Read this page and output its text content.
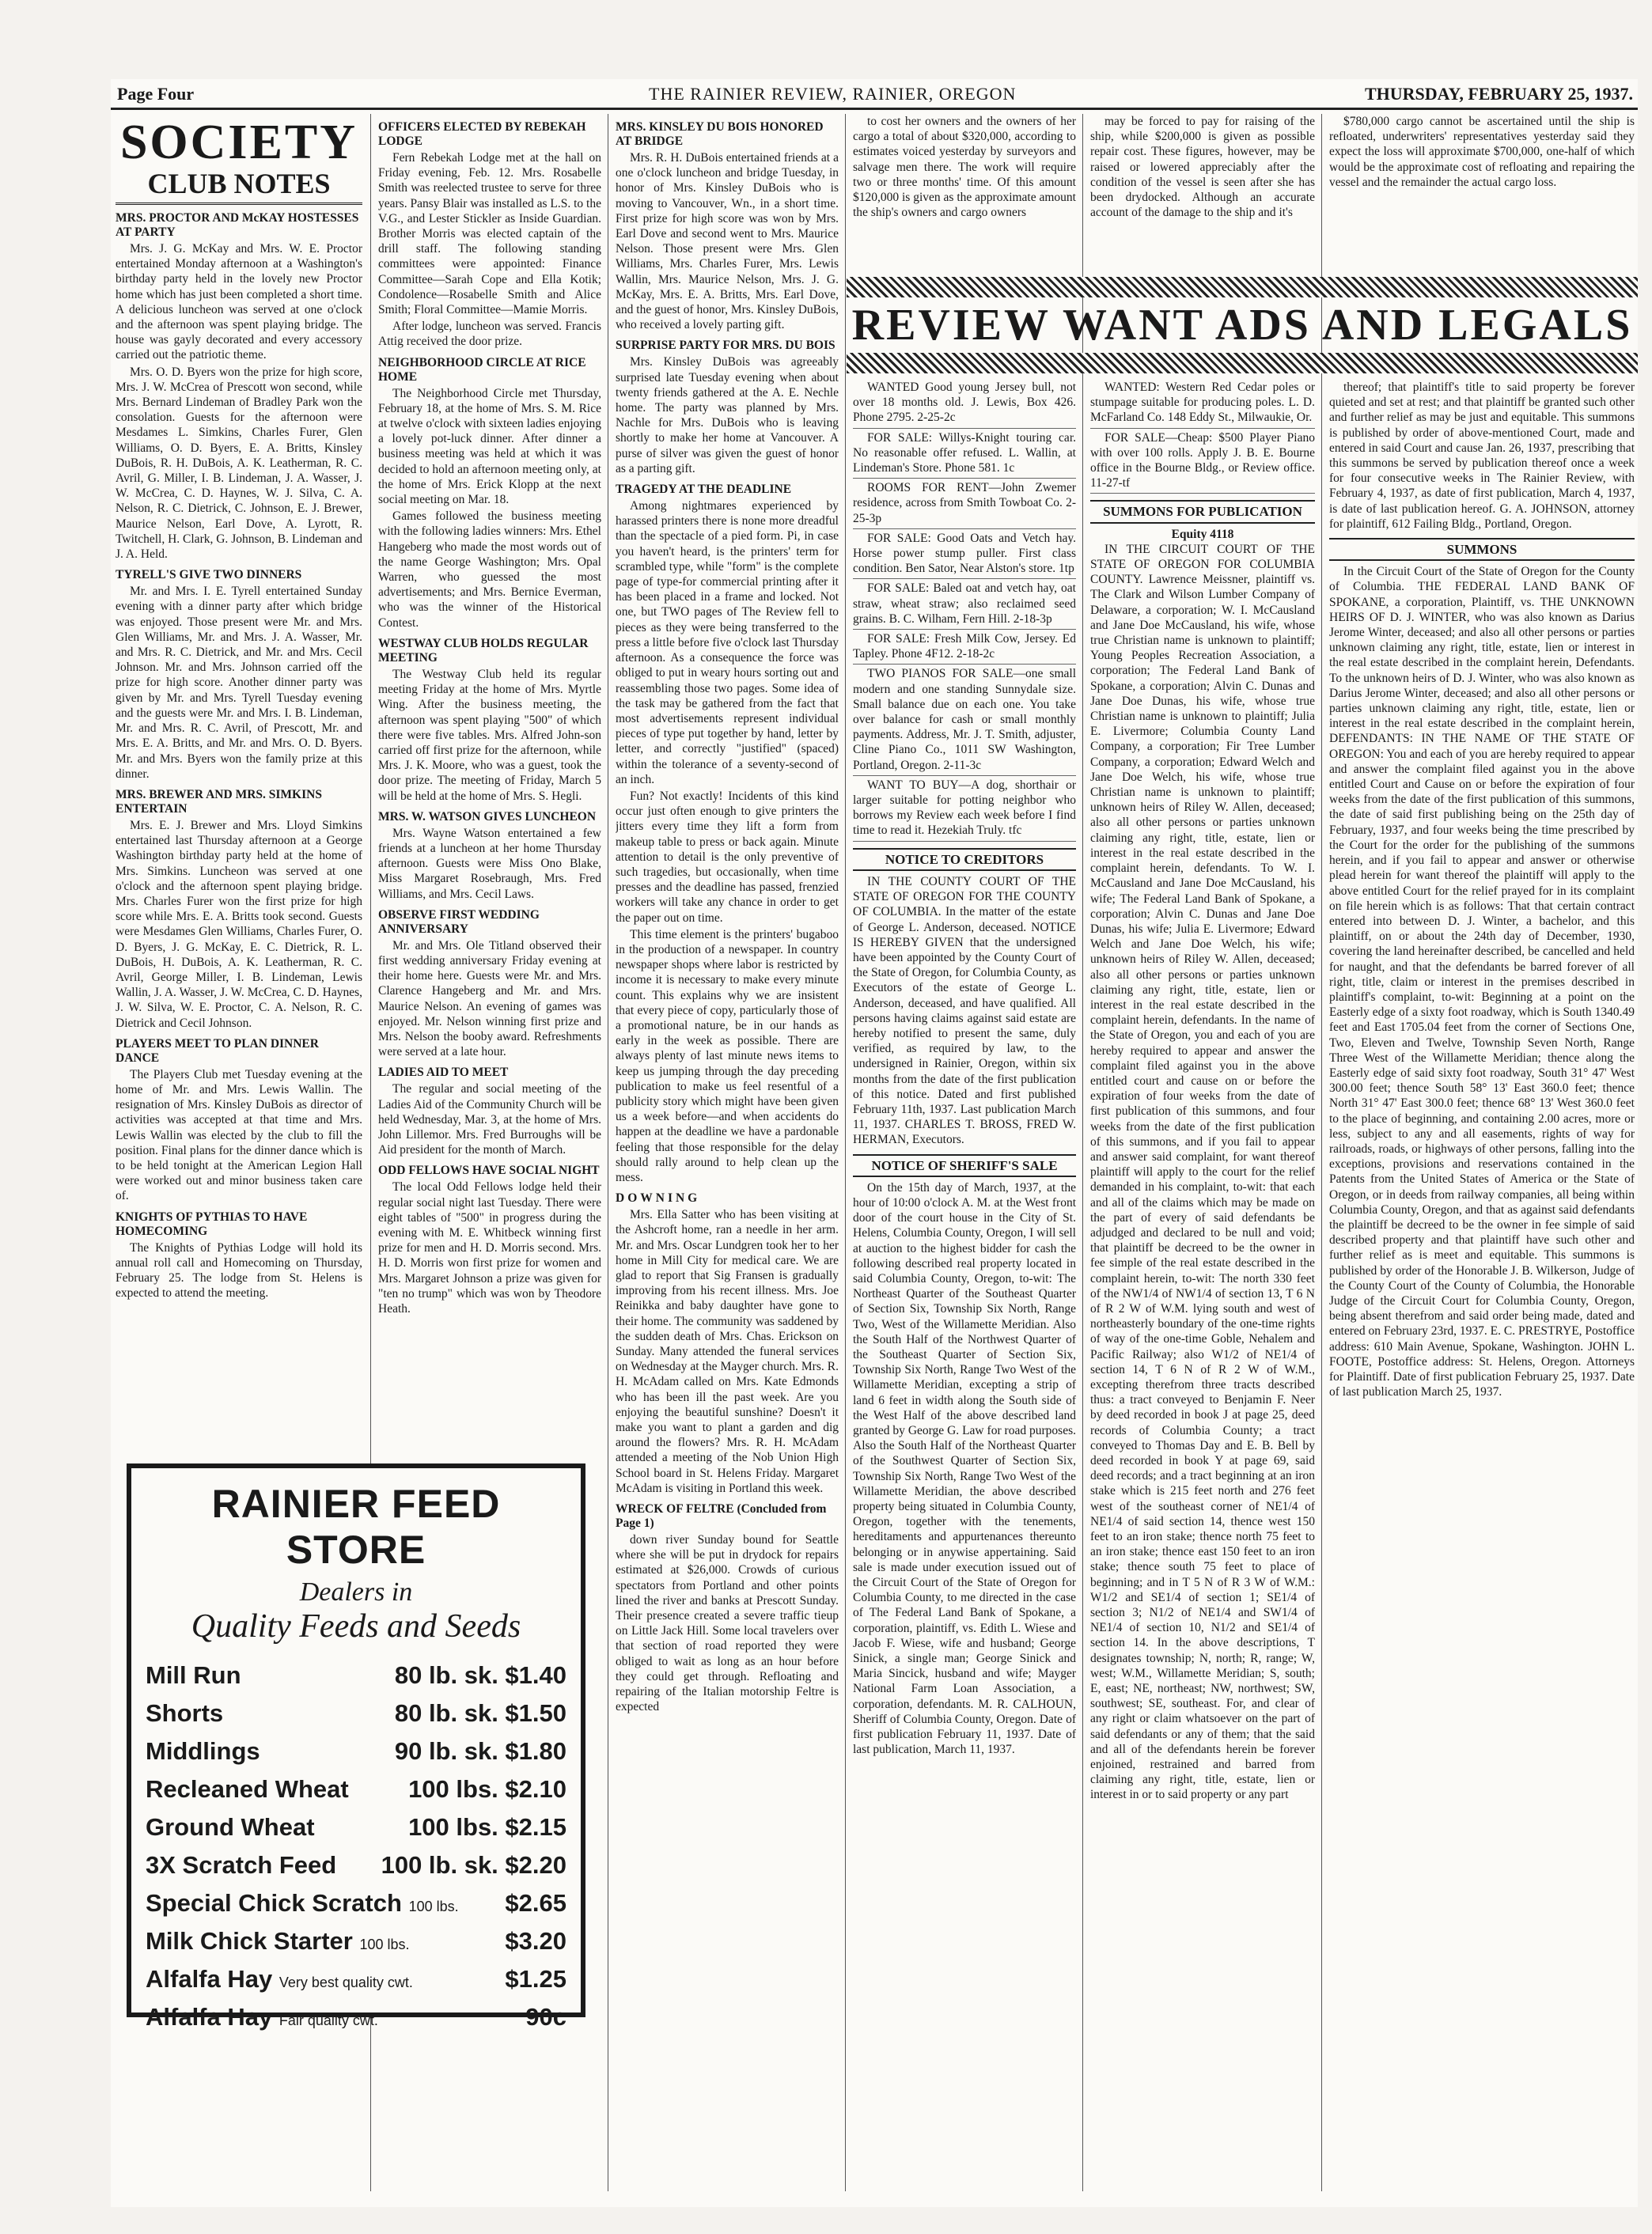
Page Four	THE RAINIER REVIEW, RAINIER, OREGON	THURSDAY, FEBRUARY 25, 1937.
SOCIETY
CLUB NOTES
MRS. PROCTOR AND McKAY HOSTESSES AT PARTY

Mrs. J. G. McKay and Mrs. W. E. Proctor entertained Monday afternoon at a Washington's birthday party held in the lovely new Proctor home which has just been completed a short time. A delicious luncheon was served at one o'clock and the afternoon was spent playing bridge. The house was gayly decorated and every accessory carried out the patriotic theme.

Mrs. O. D. Byers won the prize for high score, Mrs. J. W. McCrea of Prescott won second, while Mrs. Bernard Lindeman of Bradley Park won the consolation. Guests for the afternoon were Mesdames L. Simkins, Charles Furer, Glen Williams, O. D. Byers, E. A. Britts, Kinsley DuBois, R. H. DuBois, A. K. Leatherman, R. C. Avril, G. Miller, I. B. Lindeman, J. A. Wasser, J. W. McCrea, C. D. Haynes, W. J. Silva, C. A. Nelson, R. C. Dietrick, C. Johnson, E. J. Brewer, Maurice Nelson, Earl Dove, A. Lyrott, R. Twitchell, H. Clark, G. Johnson, B. Lindeman and J. A. Held.

TYRELL'S GIVE TWO DINNERS

Mr. and Mrs. I. E. Tyrell entertained Sunday evening with a dinner party after which bridge was enjoyed. Those present were Mr. and Mrs. Glen Williams, Mr. and Mrs. J. A. Wasser, Mr. and Mrs. R. C. Dietrick, and Mr. and Mrs. Cecil Johnson. Mr. and Mrs. Johnson carried off the prize for high score. Another dinner party was given by Mr. and Mrs. Tyrell Tuesday evening and the guests were Mr. and Mrs. I. B. Lindeman, Mr. and Mrs. R. C. Avril, of Prescott, Mr. and Mrs. E. A. Britts, and Mr. and Mrs. O. D. Byers. Mr. and Mrs. Byers won the family prize at this dinner.

MRS. BREWER AND MRS. SIMKINS ENTERTAIN

Mrs. E. J. Brewer and Mrs. Lloyd Simkins entertained last Thursday afternoon at a George Washington birthday party held at the home of Mrs. Simkins. Luncheon was served at one o'clock and the afternoon spent playing bridge. Mrs. Charles Furer won the first prize for high score while Mrs. E. A. Britts took second. Guests were Mesdames Glen Williams, Charles Furer, O. D. Byers, J. G. McKay, E. C. Dietrick, R. L. DuBois, H. DuBois, A. K. Leatherman, R. C. Avril, George Miller, I. B. Lindeman, Lewis Wallin, J. A. Wasser, J. W. McCrea, C. D. Haynes, J. W. Silva, W. E. Proctor, C. A. Nelson, R. C. Dietrick and Cecil Johnson.

PLAYERS MEET TO PLAN DINNER DANCE

The Players Club met Tuesday evening at the home of Mr. and Mrs. Lewis Wallin. The resignation of Mrs. Kinsley DuBois as director of activities was accepted at that time and Mrs. Lewis Wallin was elected by the club to fill the position. Final plans for the dinner dance which is to be held tonight at the American Legion Hall were worked out and minor business taken care of.

KNIGHTS OF PYTHIAS TO HAVE HOMECOMING

The Knights of Pythias Lodge will hold its annual roll call and Homecoming on Thursday, February 25. The lodge from St. Helens is expected to attend the meeting.

OFFICERS ELECTED BY REBEKAH LODGE

Fern Rebekah Lodge met at the hall on Friday evening, Feb. 12. Mrs. Rosabelle Smith was reelected trustee to serve for three years. Pansy Blair was installed as L.S. to the V.G., and Lester Stickler as Inside Guardian. Brother Morris was elected captain of the drill staff. The following standing committees were appointed: Finance Committee—Sarah Cope and Ella Kotik; Condolence—Rosabelle Smith and Alice Smith; Floral Committee—Mamie Morris.

After lodge, luncheon was served. Francis Attig received the door prize.

NEIGHBORHOOD CIRCLE AT RICE HOME

The Neighborhood Circle met Thursday, February 18, at the home of Mrs. S. M. Rice at twelve o'clock with sixteen ladies enjoying a lovely pot-luck dinner. After dinner a business meeting was held at which it was decided to hold an afternoon meeting only, at the home of Mrs. Erick Klopp at the next social meeting on Mar. 18.

Games followed the business meeting with the following ladies winners: Mrs. Ethel Hangeberg who made the most words out of the name George Washington; Mrs. Opal Warren, who guessed the most advertisements; and Mrs. Bernice Everman, who was the winner of the Historical Contest.

WESTWAY CLUB HOLDS REGULAR MEETING

The Westway Club held its regular meeting Friday at the home of Mrs. Myrtle Wing. After the business meeting, the afternoon was spent playing "500" of which there were five tables. Mrs. Alfred John-son carried off first prize for the afternoon, while Mrs. J. K. Moore, who was a guest, took the door prize. The meeting of Friday, March 5 will be held at the home of Mrs. S. Hegli.

MRS. W. WATSON GIVES LUNCHEON

Mrs. Wayne Watson entertained a few friends at a luncheon at her home Thursday afternoon. Guests were Miss Ono Blake, Miss Margaret Rosebraugh, Mrs. Fred Williams, and Mrs. Cecil Laws.

OBSERVE FIRST WEDDING ANNIVERSARY

Mr. and Mrs. Ole Titland observed their first wedding anniversary Friday evening at their home here. Guests were Mr. and Mrs. Clarence Hangeberg and Mr. and Mrs. Maurice Nelson. An evening of games was enjoyed. Mr. Nelson winning first prize and Mrs. Nelson the booby award. Refreshments were served at a late hour.

LADIES AID TO MEET

The regular and social meeting of the Ladies Aid of the Community Church will be held Wednesday, Mar. 3, at the home of Mrs. John Lillemor. Mrs. Fred Burroughs will be Aid president for the month of March.

ODD FELLOWS HAVE SOCIAL NIGHT

The local Odd Fellows lodge held their regular social night last Tuesday. There were eight tables of "500" in progress during the evening with M. E. Whitbeck winning first prize for men and H. D. Morris second. Mrs. H. D. Morris won first prize for women and Mrs. Margaret Johnson a prize was given for "ten no trump" which was won by Theodore Heath.

RAINIER FEED STORE
Dealers in
Quality Feeds and Seeds
Mill Run	80 lb. sk. $1.40
Shorts	80 lb. sk. $1.50
Middlings	90 lb. sk. $1.80
Recleaned Wheat 100 lbs. $2.10
Ground Wheat	100 lbs. $2.15
3X Scratch Feed 100 lb. sk. $2.20
Special Chick Scratch 100 lbs. $2.65
Milk Chick Starter 100 lbs.	$3.20
Alfalfa Hay Very best quality cwt.	$1.25
Alfalfa Hay Fair quality cwt.	90c
MRS. KINSLEY DU BOIS HONORED AT BRIDGE

Mrs. R. H. DuBois entertained friends at a one o'clock luncheon and bridge Tuesday, in honor of Mrs. Kinsley DuBois who is moving to Vancouver, Wn., in a short time. First prize for high score was won by Mrs. Earl Dove and second went to Mrs. Maurice Nelson. Those present were Mrs. Glen Williams, Mrs. Charles Furer, Mrs. Lewis Wallin, Mrs. Maurice Nelson, Mrs. J. G. McKay, Mrs. E. A. Britts, Mrs. Earl Dove, and the guest of honor, Mrs. Kinsley DuBois, who received a lovely parting gift.

SURPRISE PARTY FOR MRS. DU BOIS

Mrs. Kinsley DuBois was agreeably surprised late Tuesday evening when about twenty friends gathered at the A. E. Nechle home. The party was planned by Mrs. Nachle for Mrs. DuBois who is leaving shortly to make her home at Vancouver. A purse of silver was given the guest of honor as a parting gift.

TRAGEDY AT THE DEADLINE

Among nightmares experienced by harassed printers there is none more dreadful than the spectacle of a pied form. Pi, in case you haven't heard, is the printers' term for scrambled type, while "form" is the complete page of type-for commercial printing after it has been placed in a frame and locked. Not one, but TWO pages of The Review fell to pieces as they were being transferred to the press a little before five o'clock last Thursday afternoon. As a consequence the force was obliged to put in weary hours sorting out and reassembling those two pages. Some idea of the task may be gathered from the fact that most advertisements represent individual pieces of type put together by hand, letter by letter, and correctly "justified" (spaced) within the tolerance of a seventy-second of an inch.

Fun? Not exactly! Incidents of this kind occur just often enough to give printers the jitters every time they lift a form from makeup table to press or back again. Minute attention to detail is the only preventive of such tragedies, but occasionally, when time presses and the deadline has passed, frenzied workers will take any chance in order to get the paper out on time.

This time element is the printers' bugaboo in the production of a newspaper. In country newspaper shops where labor is restricted by income it is necessary to make every minute count. This explains why we are insistent that every piece of copy, particularly those of a promotional nature, be in our hands as early in the week as possible. There are always plenty of last minute news items to keep us jumping through the day preceding publication to make us feel resentful of a publicity story which might have been given us a week before—and when accidents do happen at the deadline we have a pardonable feeling that those responsible for the delay should rally around to help clean up the mess.

DOWNING

Mrs. Ella Satter who has been visiting at the Ashcroft home, ran a needle in her arm. Mr. and Mrs. Oscar Lundgren took her to her home in Mill City for medical care. We are glad to report that Sig Fransen is gradually improving from his recent illness. Mrs. Joe Reinikka and baby daughter have gone to their home. The community was saddened by the sudden death of Mrs. Chas. Erickson on Sunday. Many attended the funeral services on Wednesday at the Mayger church. Mrs. R. H. McAdam called on Mrs. Kate Edmonds who has been ill the past week. Are you enjoying the beautiful sunshine? Doesn't it make you want to plant a garden and dig around the flowers? Mrs. R. H. McAdam attended a meeting of the Nob Union High School board in St. Helens Friday. Margaret McAdam is visiting in Portland this week.

WRECK OF FELTRE (Concluded from Page 1)

down river Sunday bound for Seattle where she will be put in drydock for repairs estimated at $26,000. Crowds of curious spectators from Portland and other points lined the river and banks at Prescott Sunday. Their presence created a severe traffic tieup on Little Jack Hill. Some local travelers over that section of road reported they were obliged to wait as long as an hour before they could get through. Refloating and repairing of the Italian motorship Feltre is expected

to cost her owners and the owners of her cargo a total of about $320,000, according to estimates voiced yesterday by surveyors and salvage men there. The work will require two or three months' time. Of this amount $120,000 is given as the approximate amount the ship's owners and cargo owners

may be forced to pay for raising of the ship, while $200,000 is given as possible repair cost. These figures, however, may be raised or lowered appreciably after the condition of the vessel is seen after she has been drydocked. Although an accurate account of the damage to the ship and it's

$780,000 cargo cannot be ascertained until the ship is refloated, underwriters' representatives yesterday said they expect the loss will approximate $700,000, one-half of which would be the approximate cost of refloating and repairing the vessel and the remainder the actual cargo loss.

REVIEW WANT ADS AND LEGALS

WANTED Good young Jersey bull, not over 18 months old. J. Lewis, Box 426. Phone 2795. 2-25-2c

FOR SALE: Willys-Knight touring car. No reasonable offer refused. L. Wallin, at Lindeman's Store. Phone 581. 1c

ROOMS FOR RENT—John Zwemer residence, across from Smith Towboat Co. 2-25-3p

FOR SALE: Good Oats and Vetch hay. Horse power stump puller. First class condition. Ben Sator, Near Alston's store. 1tp

FOR SALE: Baled oat and vetch hay, oat straw, wheat straw; also reclaimed seed grains. B. C. Wilham, Fern Hill. 2-18-3p

FOR SALE: Fresh Milk Cow, Jersey. Ed Tapley. Phone 4F12. 2-18-2c

TWO PIANOS FOR SALE—one small modern and one standing Sunnydale size. Small balance due on each one. You take over balance for cash or small monthly payments. Address, Mr. J. T. Smith, adjuster, Cline Piano Co., 1011 SW Washington, Portland, Oregon. 2-11-3c

WANT TO BUY—A dog, shorthair or larger suitable for potting neighbor who borrows my Review each week before I find time to read it. Hezekiah Truly. tfc

NOTICE TO CREDITORS

IN THE COUNTY COURT OF THE STATE OF OREGON FOR THE COUNTY OF COLUMBIA. In the matter of the estate of George L. Anderson, deceased. NOTICE IS HEREBY GIVEN that the undersigned have been appointed by the County Court of the State of Oregon, for Columbia County, as Executors of the estate of George L. Anderson, deceased, and have qualified. All persons having claims against said estate are hereby notified to present the same, duly verified, as required by law, to the undersigned in Rainier, Oregon, within six months from the date of the first publication of this notice. Dated and first published February 11th, 1937. Last publication March 11, 1937. CHARLES T. BROSS, FRED W. HERMAN, Executors.

NOTICE OF SHERIFF'S SALE

On the 15th day of March, 1937, at the hour of 10:00 o'clock A. M. at the West front door of the court house in the City of St. Helens, Columbia County, Oregon, I will sell at auction to the highest bidder for cash the following described real property located in said Columbia County, Oregon, to-wit: The Northeast Quarter of the Southeast Quarter of Section Six, Township Six North, Range Two, West of the Willamette Meridian. Also the South Half of the Northwest Quarter of the Southeast Quarter of Section Six, Township Six North, Range Two West of the Willamette Meridian, excepting a strip of land 6 feet in width along the South side of the West Half of the above described land granted by George G. Law for road purposes. Also the South Half of the Northeast Quarter of the Southwest Quarter of Section Six, Township Six North, Range Two West of the Willamette Meridian, the above described property being situated in Columbia County, Oregon, together with the tenements, hereditaments and appurtenances thereunto belonging or in anywise appertaining. Said sale is made under execution issued out of the Circuit Court of the State of Oregon for Columbia County, to me directed in the case of The Federal Land Bank of Spokane, a corporation, plaintiff, vs. Edith L. Wiese and Jacob F. Wiese, wife and husband; George Sinick, a single man; George Sinick and Maria Sincick, husband and wife; Mayger National Farm Loan Association, a corporation, defendants. M. R. CALHOUN, Sheriff of Columbia County, Oregon. Date of first publication February 11, 1937. Date of last publication, March 11, 1937.

WANTED: Western Red Cedar poles or stumpage suitable for producing poles. L. D. McFarland Co. 148 Eddy St., Milwaukie, Or.

FOR SALE—Cheap: $500 Player Piano with over 100 rolls. Apply J. B. E. Bourne office in the Bourne Bldg., or Review office. 11-27-tf

SUMMONS FOR PUBLICATION
Equity 4118

IN THE CIRCUIT COURT OF THE STATE OF OREGON FOR COLUMBIA COUNTY. Lawrence Meissner, plaintiff vs. The Clark and Wilson Lumber Company of Delaware, a corporation; W. I. McCausland and Jane Doe McCausland, his wife, whose true Christian name is unknown to plaintiff; Young Peoples Recreation Association, a corporation; The Federal Land Bank of Spokane, a corporation; Alvin C. Dunas and Jane Doe Dunas, his wife, whose true Christian name is unknown to plaintiff; Julia E. Livermore; Columbia County Land Company, a corporation; Fir Tree Lumber Company, a corporation; Edward Welch and Jane Doe Welch, his wife, whose true Christian name is unknown to plaintiff; unknown heirs of Riley W. Allen, deceased; also all other persons or parties unknown claiming any right, title, estate, lien or interest in the real estate described in the complaint herein, defendants. To W. I. McCausland and Jane Doe McCausland, his wife; The Federal Land Bank of Spokane, a corporation; Alvin C. Dunas and Jane Doe Dunas, his wife; Julia E. Livermore; Edward Welch and Jane Doe Welch, his wife; unknown heirs of Riley W. Allen, deceased; also all other persons or parties unknown claiming any right, title, estate, lien or interest in the real estate described in the complaint herein, defendants. In the name of the State of Oregon, you and each of you are hereby required to appear and answer the complaint filed against you in the above entitled court and cause on or before the expiration of four weeks from the date of first publication of this summons, and four weeks from the date of the first publication of this summons, and if you fail to appear and answer said complaint, for want thereof plaintiff will apply to the court for the relief demanded in his complaint, to-wit: that each and all of the claims which may be made on the part of every of said defendants be adjudged and declared to be null and void; that plaintiff be decreed to be the owner in fee simple of the real estate described in the complaint herein, to-wit: The north 330 feet of the NW1/4 of NW1/4 of section 13, T 6 N of R 2 W of W.M. lying south and west of northeasterly boundary of the one-time rights of way of the one-time Goble, Nehalem and Pacific Railway; also W1/2 of NE1/4 of section 14, T 6 N of R 2 W of W.M., excepting therefrom three tracts described thus: a tract conveyed to Benjamin F. Neer by deed recorded in book J at page 25, deed records of Columbia County; a tract conveyed to Thomas Day and E. B. Bell by deed recorded in book Y at page 69, said deed records; and a tract beginning at an iron stake which is 215 feet north and 276 feet west of the southeast corner of NE1/4 of NE1/4 of said section 14, thence west 150 feet to an iron stake; thence north 75 feet to an iron stake; thence east 150 feet to an iron stake; thence south 75 feet to place of beginning; and in T 5 N of R 3 W of W.M.: W1/2 and SE1/4 of section 1; SE1/4 of section 3; N1/2 of NE1/4 and SW1/4 of NE1/4 of section 10, N1/2 and SE1/4 of section 14. In the above descriptions, T designates township; N, north; R, range; W, west; W.M., Willamette Meridian; S, south; E, east; NE, northeast; NW, northwest; SW, southwest; SE, southeast. For, and clear of any right or claim whatsoever on the part of said defendants or any of them; that the said and all of the defendants herein be forever enjoined, restrained and barred from claiming any right, title, estate, lien or interest in or to said property or any part

thereof; that plaintiff's title to said property be forever quieted and set at rest; and that plaintiff be granted such other and further relief as may be just and equitable. This summons is published by order of above-mentioned Court, made and entered in said Court and cause Jan. 26, 1937, prescribing that this summons be served by publication thereof once a week for four consecutive weeks in The Rainier Review, with February 4, 1937, as date of first publication, March 4, 1937, is date of last publication hereof. G. A. JOHNSON, attorney for plaintiff, 612 Failing Bldg., Portland, Oregon.

SUMMONS

In the Circuit Court of the State of Oregon for the County of Columbia. THE FEDERAL LAND BANK OF SPOKANE, a corporation, Plaintiff, vs. THE UNKNOWN HEIRS OF D. J. WINTER, who was also known as Darius Jerome Winter, deceased; and also all other persons or parties unknown claiming any right, title, estate, lien or interest in the real estate described in the complaint herein, Defendants. To the unknown heirs of D. J. Winter, who was also known as Darius Jerome Winter, deceased; and also all other persons or parties unknown claiming any right, title, estate, lien or interest in the real estate described in the complaint herein, DEFENDANTS: IN THE NAME OF THE STATE OF OREGON: You and each of you are hereby required to appear and answer the complaint filed against you in the above entitled Court and Cause on or before the expiration of four weeks from the date of the first publication of this summons, the date of said first publishing being on the 25th day of February, 1937, and four weeks being the time prescribed by the Court for the order for the publishing of the summons herein, and if you fail to appear and answer or otherwise plead herein for want thereof the plaintiff will apply to the above entitled Court for the relief prayed for in its complaint on file herein which is as follows: That that certain contract entered into between D. J. Winter, a bachelor, and this plaintiff, on or about the 24th day of December, 1930, covering the land hereinafter described, be cancelled and held for naught, and that the defendants be barred forever of all right, title, claim or interest in the premises described in plaintiff's complaint, to-wit: Beginning at a point on the Easterly edge of a sixty foot roadway, which is South 1340.49 feet and East 1705.04 feet from the corner of Sections One, Two, Eleven and Twelve, Township Seven North, Range Three West of the Willamette Meridian; thence along the Easterly edge of said sixty foot roadway, South 31° 47' West 300.00 feet; thence South 58° 13' East 360.0 feet; thence North 31° 47' East 300.0 feet; thence 68° 13' West 360.0 feet to the place of beginning, and containing 2.00 acres, more or less, subject to any and all easements, rights of way for railroads, roads, or highways of other persons, falling into the exceptions, provisions and reservations contained in the Patents from the United States of America or the State of Oregon, or in deeds from railway companies, all being within Columbia County, Oregon, and that as against said defendants the plaintiff be decreed to be the owner in fee simple of said described property and that plaintiff have such other and further relief as is meet and equitable. This summons is published by order of the Honorable J. B. Wilkerson, Judge of the County Court of the County of Columbia, the Honorable Judge of the Circuit Court for Columbia County, Oregon, being absent therefrom and said order being made, dated and entered on February 23rd, 1937. E. C. PRESTRYE, Postoffice address: 610 Main Avenue, Spokane, Washington. JOHN L. FOOTE, Postoffice address: St. Helens, Oregon. Attorneys for Plaintiff. Date of first publication February 25, 1937. Date of last publication March 25, 1937.
